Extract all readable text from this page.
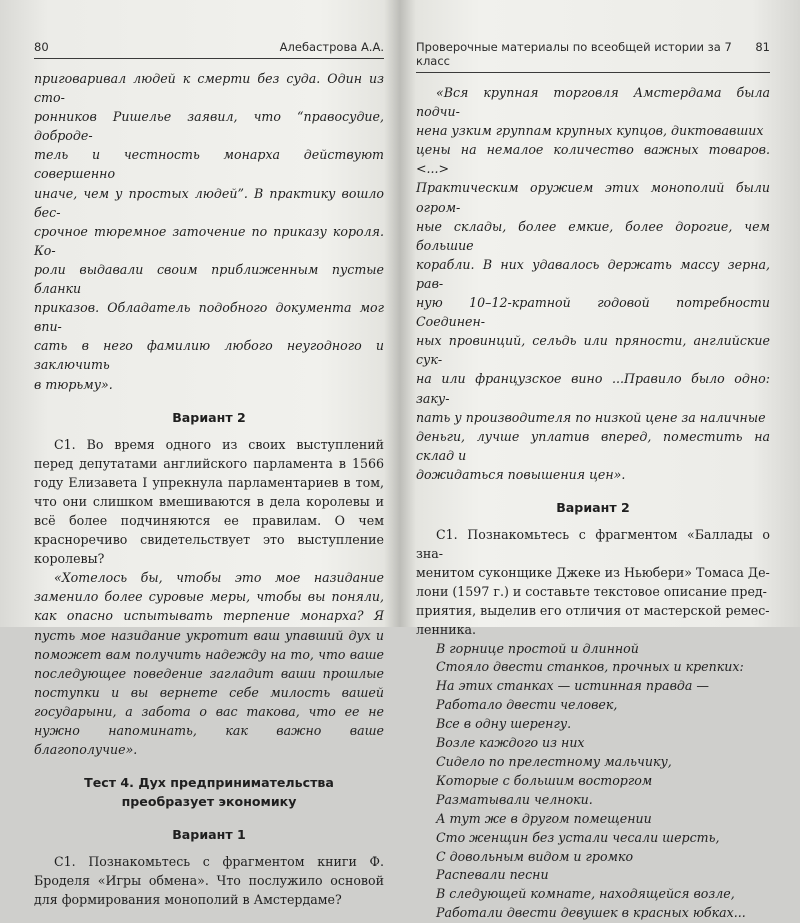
80	Алебастрова А.А.
приговаривал людей к смерти без суда. Один из сто-
ронников Ришелье заявил, что “правосудие, доброде-
тель и честность монарха действуют совершенно
иначе, чем у простых людей”. В практику вошло бес-
срочное тюремное заточение по приказу короля. Ко-
роли выдавали своим приближенным пустые бланки
приказов. Обладатель подобного документа мог впи-
сать в него фамилию любого неугодного и заключить
в тюрьму».
Вариант 2

С1. Во время одного из своих выступлений перед депутатами английского парламента в 1566 году Елизавета I упрекнула парламентариев в том, что они слишком вмешиваются в дела королевы и всё более подчиняются ее правилам. О чем красноречиво свидетельствует это выступление королевы?

«Хотелось бы, чтобы это мое назидание заменило более суровые меры, чтобы вы поняли, как опасно испытывать терпение монарха? Я пусть мое назидание укротит ваш упавший дух и поможет вам получить надежду на то, что ваше последующее поведение загладит ваши прошлые поступки и вы вернете себе милость вашей государыни, а забота о вас такова, что ее не нужно напоминать, как важно ваше благополучие».

Тест 4. Дух предпринимательства
преобразует экономику
Вариант 1

С1. Познакомьтесь с фрагментом книги Ф. Броделя «Игры обмена». Что послужило основой для формирования монополий в Амстердаме?

Проверочные материалы по всеобщей истории за 7 класс
81
«Вся крупная торговля Амстердама была подчи-
нена узким группам крупных купцов, диктовавших
цены на немалое количество важных товаров. <...>
Практическим оружием этих монополий были огром-
ные склады, более емкие, более дорогие, чем большие
корабли. В них удавалось держать массу зерна, рав-
ную 10–12-кратной годовой потребности Соединен-
ных провинций, сельдь или пряности, английские сук-
на или французское вино ...Правило было одно: заку-
пать у производителя по низкой цене за наличные
деньги, лучше уплатив вперед, поместить на склад и
дожидаться повышения цен».
Вариант 2
С1. Познакомьтесь с фрагментом «Баллады о зна-
менитом суконщике Джеке из Ньюбери» Томаса Де-
лони (1597 г.) и составьте текстовое описание пред-
приятия, выделив его отличия от мастерской ремес-
ленника.
В горнице простой и длинной
Стояло двести станков, прочных и крепких:
На этих станках — истинная правда —
Работало двести человек,
Все в одну шеренгу.
Возле каждого из них
Сидело по прелестному мальчику,
Которые с большим восторгом
Разматывали челноки.
А тут же в другом помещении
Сто женщин без устали чесали шерсть,
С довольным видом и громко
Распевали песни
В следующей комнате, находящейся возле,
Работали двести девушек в красных юбках...
